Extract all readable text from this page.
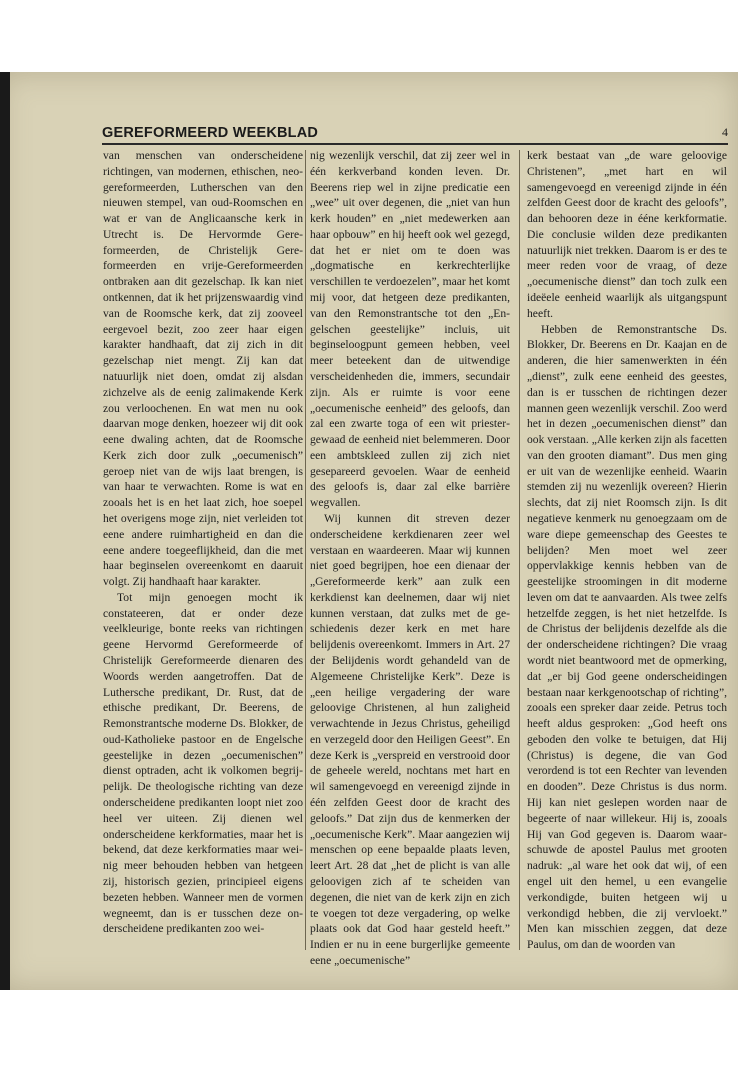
GEREFORMEERD WEEKBLAD	4

van menschen van onderscheidene richtingen, van modernen, ethischen, neo-gereformeerden, Lutherschen van den nieuwen stempel, van oud-Roomschen en wat er van de Anglicaansche kerk in Utrecht is. De Hervormde Gereformeerden, de Christelijk Gereformeerden en vrije-Gereformeerden ontbraken aan dit gezelschap. Ik kan niet ontkennen, dat ik het prijzenswaardig vind van de Roomsche kerk, dat zij zooveel eergevoel bezit, zoo zeer haar eigen karakter handhaaft, dat zij zich in dit gezelschap niet mengt. Zij kan dat natuurlijk niet doen, omdat zij alsdan zichzelve als de eenig zalimakende Kerk zou verloochenen. En wat men nu ook daarvan moge denken, hoezeer wij dit ook eene dwaling achten, dat de Roomsche Kerk zich door zulk „oecumenisch” geroep niet van de wijs laat brengen, is van haar te verwachten. Rome is wat en zooals het is en het laat zich, hoe soepel het overigens moge zijn, niet verleiden tot eene andere ruimhartigheid en dan die eene andere toegeeflijkheid, dan die met haar beginselen overeenkomt en daaruit volgt. Zij handhaaft haar karakter.

Tot mijn genoegen mocht ik constateeren, dat er onder deze veelkleurige, bonte reeks van richtingen geene Hervormd Gereformeerde of Christelijk Gereformeerde dienaren des Woords werden aangetroffen. Dat de Luthersche predikant, Dr. Rust, dat de ethische predikant, Dr. Beerens, de Remonstrantsche moderne Ds. Blokker, de oud-Katholieke pastoor en de Engelsche geestelijke in dezen „oecumenischen” dienst optraden, acht ik volkomen begrijpelijk. De theologische richting van deze onderscheidene predikanten loopt niet zoo heel ver uiteen. Zij dienen wel onderscheidene kerkformaties, maar het is bekend, dat deze kerkformaties maar weinig meer behouden hebben van hetgeen zij, historisch gezien, principieel eigens bezeten hebben. Wanneer men de vormen wegneemt, dan is er tusschen deze onderscheidene predikanten zoo wei-

nig wezenlijk verschil, dat zij zeer wel in één kerkverband konden leven. Dr. Beerens riep wel in zijne predicatie een „wee” uit over degenen, die „niet van hun kerk houden” en „niet medewerken aan haar opbouw” en hij heeft ook wel gezegd, dat het er niet om te doen was „dogmatische en kerkrechterlijke verschillen te verdoezelen”, maar het komt mij voor, dat hetgeen deze predikanten, van den Remonstrantsche tot den „Engelschen geestelijke” incluis, uit beginseloogpunt gemeen hebben, veel meer beteekent dan de uitwendige verscheidenheden die, immers, secundair zijn. Als er ruimte is voor eene „oecumenische eenheid” des geloofs, dan zal een zwarte toga of een wit priestergewaad de eenheid niet belemmeren. Door een ambtskleed zullen zij zich niet gesepareerd gevoelen. Waar de eenheid des geloofs is, daar zal elke barrière wegvallen.

Wij kunnen dit streven dezer onderscheidene kerkdienaren zeer wel verstaan en waardeeren. Maar wij kunnen niet goed begrijpen, hoe een dienaar der „Gereformeerde kerk” aan zulk een kerkdienst kan deelnemen, daar wij niet kunnen verstaan, dat zulks met de geschiedenis dezer kerk en met hare belijdenis overeenkomt. Immers in Art. 27 der Belijdenis wordt gehandeld van de Algemeene Christelijke Kerk”. Deze is „een heilige vergadering der ware geloovige Christenen, al hun zaligheid verwachtende in Jezus Christus, geheiligd en verzegeld door den Heiligen Geest”. En deze Kerk is „verspreid en verstrooid door de geheele wereld, nochtans met hart en wil samengevoegd en vereenigd zijnde in één zelfden Geest door de kracht des geloofs.” Dat zijn dus de kenmerken der „oecumenische Kerk”. Maar aangezien wij menschen op eene bepaalde plaats leven, leert Art. 28 dat „het de plicht is van alle geloovigen zich af te scheiden van degenen, die niet van de kerk zijn en zich te voegen tot deze vergadering, op welke plaats ook dat God haar gesteld heeft.” Indien er nu in eene burgerlijke gemeente eene „oecumenische”

kerk bestaat van „de ware geloovige Christenen”, „met hart en wil samengevoegd en vereenigd zijnde in één zelfden Geest door de kracht des geloofs”, dan behooren deze in ééne kerkformatie. Die conclusie wilden deze predikanten natuurlijk niet trekken. Daarom is er des te meer reden voor de vraag, of deze „oecumenische dienst” dan toch zulk een ideëele eenheid waarlijk als uitgangspunt heeft.

Hebben de Remonstrantsche Ds. Blokker, Dr. Beerens en Dr. Kaajan en de anderen, die hier samenwerkten in één „dienst”, zulk eene eenheid des geestes, dan is er tusschen de richtingen dezer mannen geen wezenlijk verschil. Zoo werd het in dezen „oecumenischen dienst” dan ook verstaan. „Alle kerken zijn als facetten van den grooten diamant”. Dus men ging er uit van de wezenlijke eenheid. Waarin stemden zij nu wezenlijk overeen? Hierin slechts, dat zij niet Roomsch zijn. Is dit negatieve kenmerk nu genoegzaam om de ware diepe gemeenschap des Geestes te belijden? Men moet wel zeer oppervlakkige kennis hebben van de geestelijke stroomingen in dit moderne leven om dat te aanvaarden. Als twee zelfs hetzelfde zeggen, is het niet hetzelfde. Is de Christus der belijdenis dezelfde als die der onderscheidene richtingen? Die vraag wordt niet beantwoord met de opmerking, dat „er bij God geene onderscheidingen bestaan naar kerkgenootschap of richting”, zooals een spreker daar zeide. Petrus toch heeft aldus gesproken: „God heeft ons geboden den volke te betuigen, dat Hij (Christus) is degene, die van God verordend is tot een Rechter van levenden en dooden”. Deze Christus is dus norm. Hij kan niet geslepen worden naar de begeerte of naar willekeur. Hij is, zooals Hij van God gegeven is. Daarom waarschuwde de apostel Paulus met grooten nadruk: „al ware het ook dat wij, of een engel uit den hemel, u een evangelie verkondigde, buiten hetgeen wij u verkondigd hebben, die zij vervloekt.” Men kan misschien zeggen, dat deze Paulus, om dan de woorden van
